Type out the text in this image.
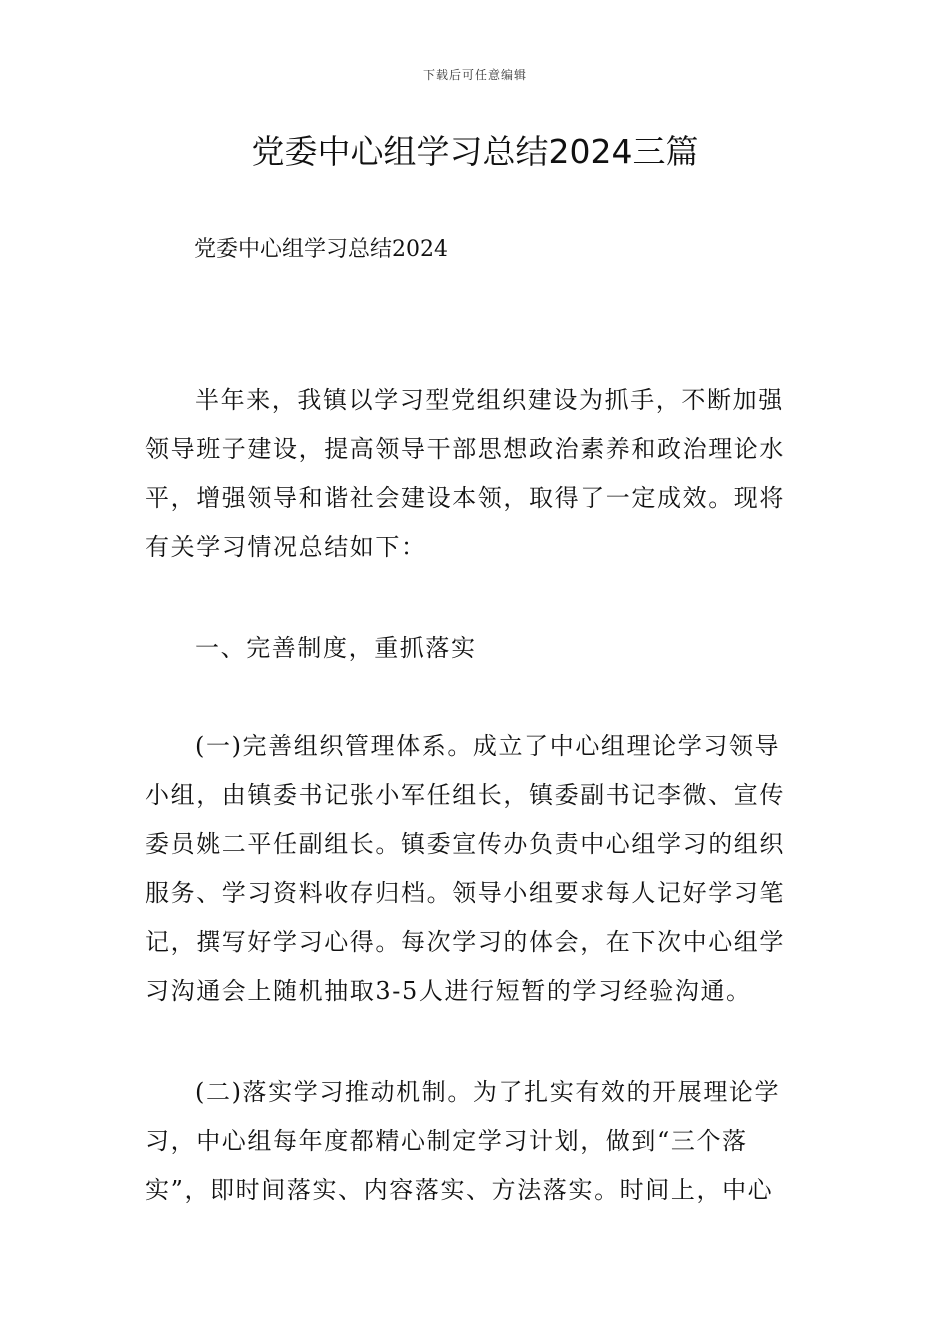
下载后可任意编辑
党委中心组学习总结2024三篇
党委中心组学习总结2024
半年来，我镇以学习型党组织建设为抓手，不断加强
领导班子建设，提高领导干部思想政治素养和政治理论水
平，增强领导和谐社会建设本领，取得了一定成效。现将
有关学习情况总结如下：
一、完善制度，重抓落实
(一)完善组织管理体系。成立了中心组理论学习领导
小组，由镇委书记张小军任组长，镇委副书记李微、宣传
委员姚二平任副组长。镇委宣传办负责中心组学习的组织
服务、学习资料收存归档。领导小组要求每人记好学习笔
记，撰写好学习心得。每次学习的体会，在下次中心组学
习沟通会上随机抽取3-5人进行短暂的学习经验沟通。
(二)落实学习推动机制。为了扎实有效的开展理论学
习，中心组每年度都精心制定学习计划，做到“三个落
实”，即时间落实、内容落实、方法落实。时间上，中心
